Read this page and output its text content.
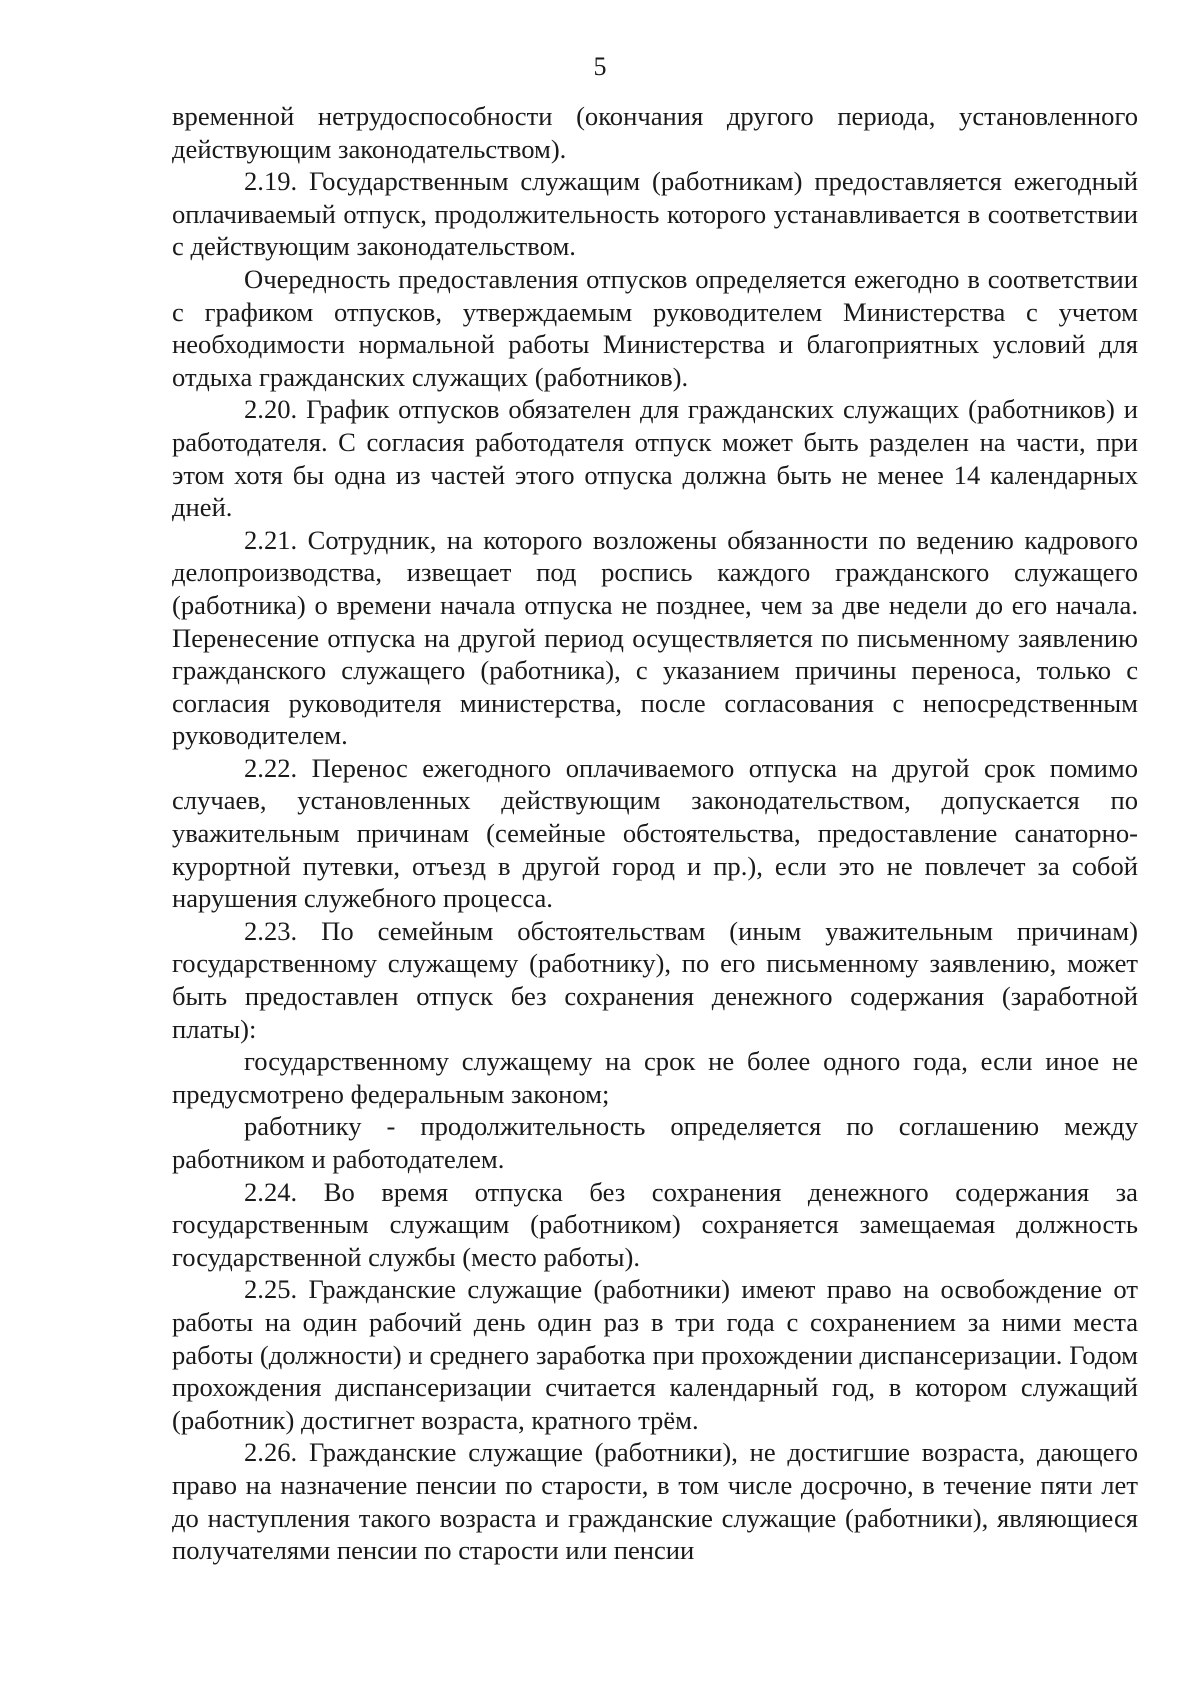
5

временной нетрудоспособности (окончания другого периода, установленного действующим законодательством).

2.19. Государственным служащим (работникам) предоставляется ежегодный оплачиваемый отпуск, продолжительность которого устанавливается в соответствии с действующим законодательством.

Очередность предоставления отпусков определяется ежегодно в соответствии с графиком отпусков, утверждаемым руководителем Министерства с учетом необходимости нормальной работы Министерства и благоприятных условий для отдыха гражданских служащих (работников).

2.20. График отпусков обязателен для гражданских служащих (работников) и работодателя. С согласия работодателя отпуск может быть разделен на части, при этом хотя бы одна из частей этого отпуска должна быть не менее 14 календарных дней.

2.21. Сотрудник, на которого возложены обязанности по ведению кадрового делопроизводства, извещает под роспись каждого гражданского служащего (работника) о времени начала отпуска не позднее, чем за две недели до его начала. Перенесение отпуска на другой период осуществляется по письменному заявлению гражданского служащего (работника), с указанием причины переноса, только с согласия руководителя министерства, после согласования с непосредственным руководителем.

2.22. Перенос ежегодного оплачиваемого отпуска на другой срок помимо случаев, установленных действующим законодательством, допускается по уважительным причинам (семейные обстоятельства, предоставление санаторно-курортной путевки, отъезд в другой город и пр.), если это не повлечет за собой нарушения служебного процесса.

2.23. По семейным обстоятельствам (иным уважительным причинам) государственному служащему (работнику), по его письменному заявлению, может быть предоставлен отпуск без сохранения денежного содержания (заработной платы):

государственному служащему на срок не более одного года, если иное не предусмотрено федеральным законом;

работнику - продолжительность определяется по соглашению между работником и работодателем.

2.24. Во время отпуска без сохранения денежного содержания за государственным служащим (работником) сохраняется замещаемая должность государственной службы (место работы).

2.25. Гражданские служащие (работники) имеют право на освобождение от работы на один рабочий день один раз в три года с сохранением за ними места работы (должности) и среднего заработка при прохождении диспансеризации. Годом прохождения диспансеризации считается календарный год, в котором служащий (работник) достигнет возраста, кратного трём.

2.26. Гражданские служащие (работники), не достигшие возраста, дающего право на назначение пенсии по старости, в том числе досрочно, в течение пяти лет до наступления такого возраста и гражданские служащие (работники), являющиеся получателями пенсии по старости или пенсии
